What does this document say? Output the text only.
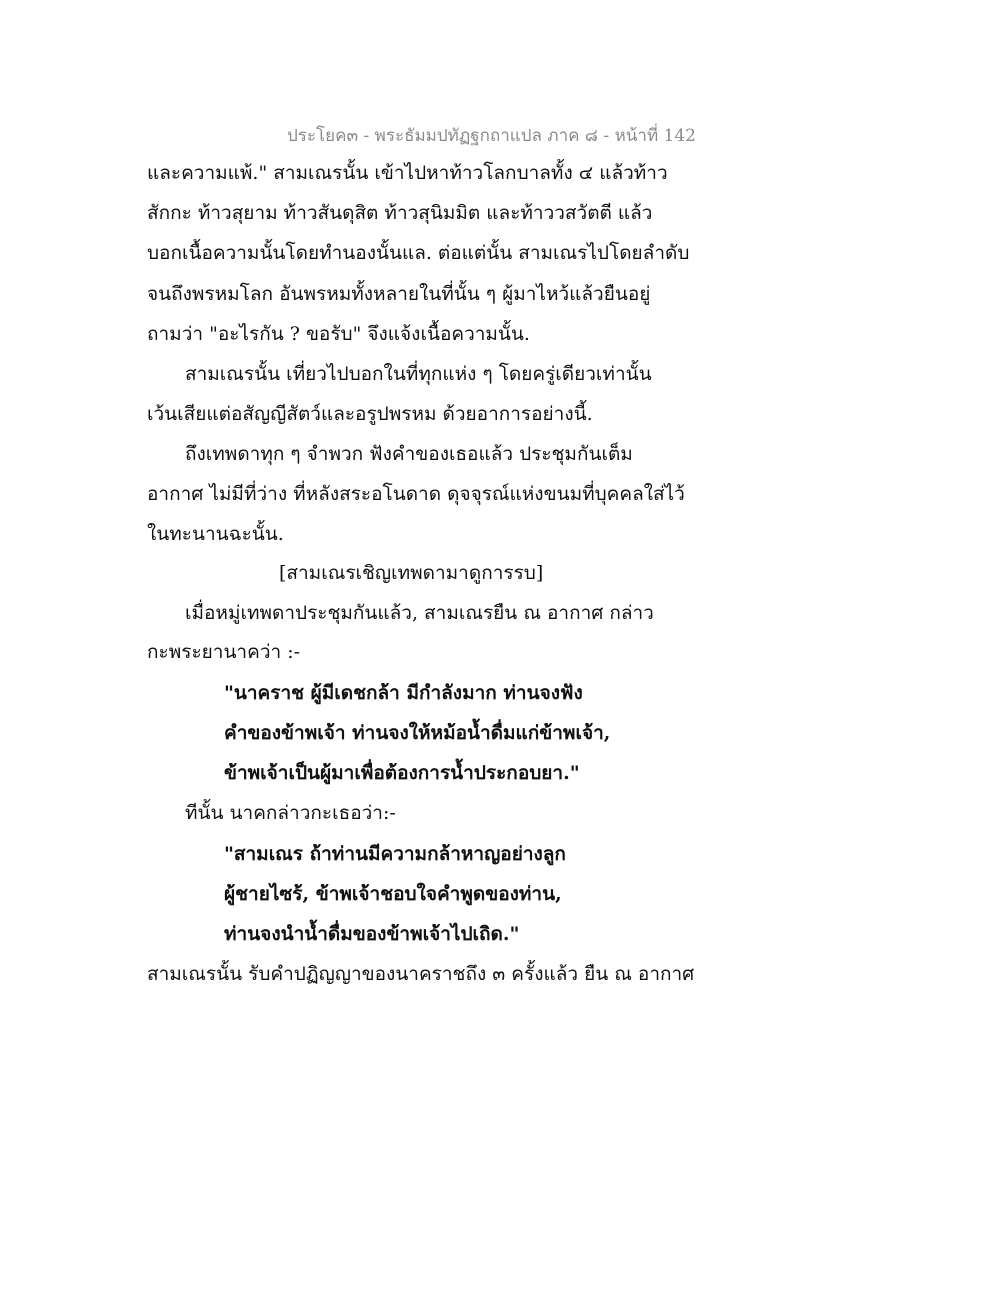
ประโยค๓ - พระธัมมปทัฏฐกถาแปล ภาค ๘ - หน้าที่ 142
และความแพ้." สามเณรนั้น เข้าไปหาท้าวโลกบาลทั้ง ๔ แล้วท้าว
สักกะ ท้าวสุยาม ท้าวสันดุสิต ท้าวสุนิมมิต และท้าววสวัตตี แล้ว
บอกเนื้อความนั้นโดยทำนองนั้นแล. ต่อแต่นั้น สามเณรไปโดยลำดับ
จนถึงพรหมโลก อันพรหมทั้งหลายในที่นั้น ๆ ผู้มาไหว้แล้วยืนอยู่
ถามว่า "อะไรกัน ? ขอรับ" จึงแจ้งเนื้อความนั้น.
สามเณรนั้น เที่ยวไปบอกในที่ทุกแห่ง ๆ โดยครู่เดียวเท่านั้น
เว้นเสียแต่อสัญญีสัตว์และอรูปพรหม ด้วยอาการอย่างนี้.
ถึงเทพดาทุก ๆ จำพวก ฟังคำของเธอแล้ว ประชุมกันเต็ม
อากาศ ไม่มีที่ว่าง ที่หลังสระอโนดาด ดุจจุรณ์แห่งขนมที่บุคคลใส่ไว้
ในทะนานฉะนั้น.
[สามเณรเชิญเทพดามาดูการรบ]
เมื่อหมู่เทพดาประชุมกันแล้ว, สามเณรยืน ณ อากาศ กล่าว
กะพระยานาคว่า :-
"นาคราช ผู้มีเดชกล้า มีกำลังมาก ท่านจงฟัง
คำของข้าพเจ้า ท่านจงให้หม้อน้ำดื่มแก่ข้าพเจ้า,
ข้าพเจ้าเป็นผู้มาเพื่อต้องการน้ำประกอบยา."
ทีนั้น นาคกล่าวกะเธอว่า:-
"สามเณร ถ้าท่านมีความกล้าหาญอย่างลูก
ผู้ชายไซร้, ข้าพเจ้าชอบใจคำพูดของท่าน,
ท่านจงนำน้ำดื่มของข้าพเจ้าไปเถิด."
สามเณรนั้น รับคำปฏิญญาของนาคราชถึง ๓ ครั้งแล้ว ยืน ณ อากาศ
